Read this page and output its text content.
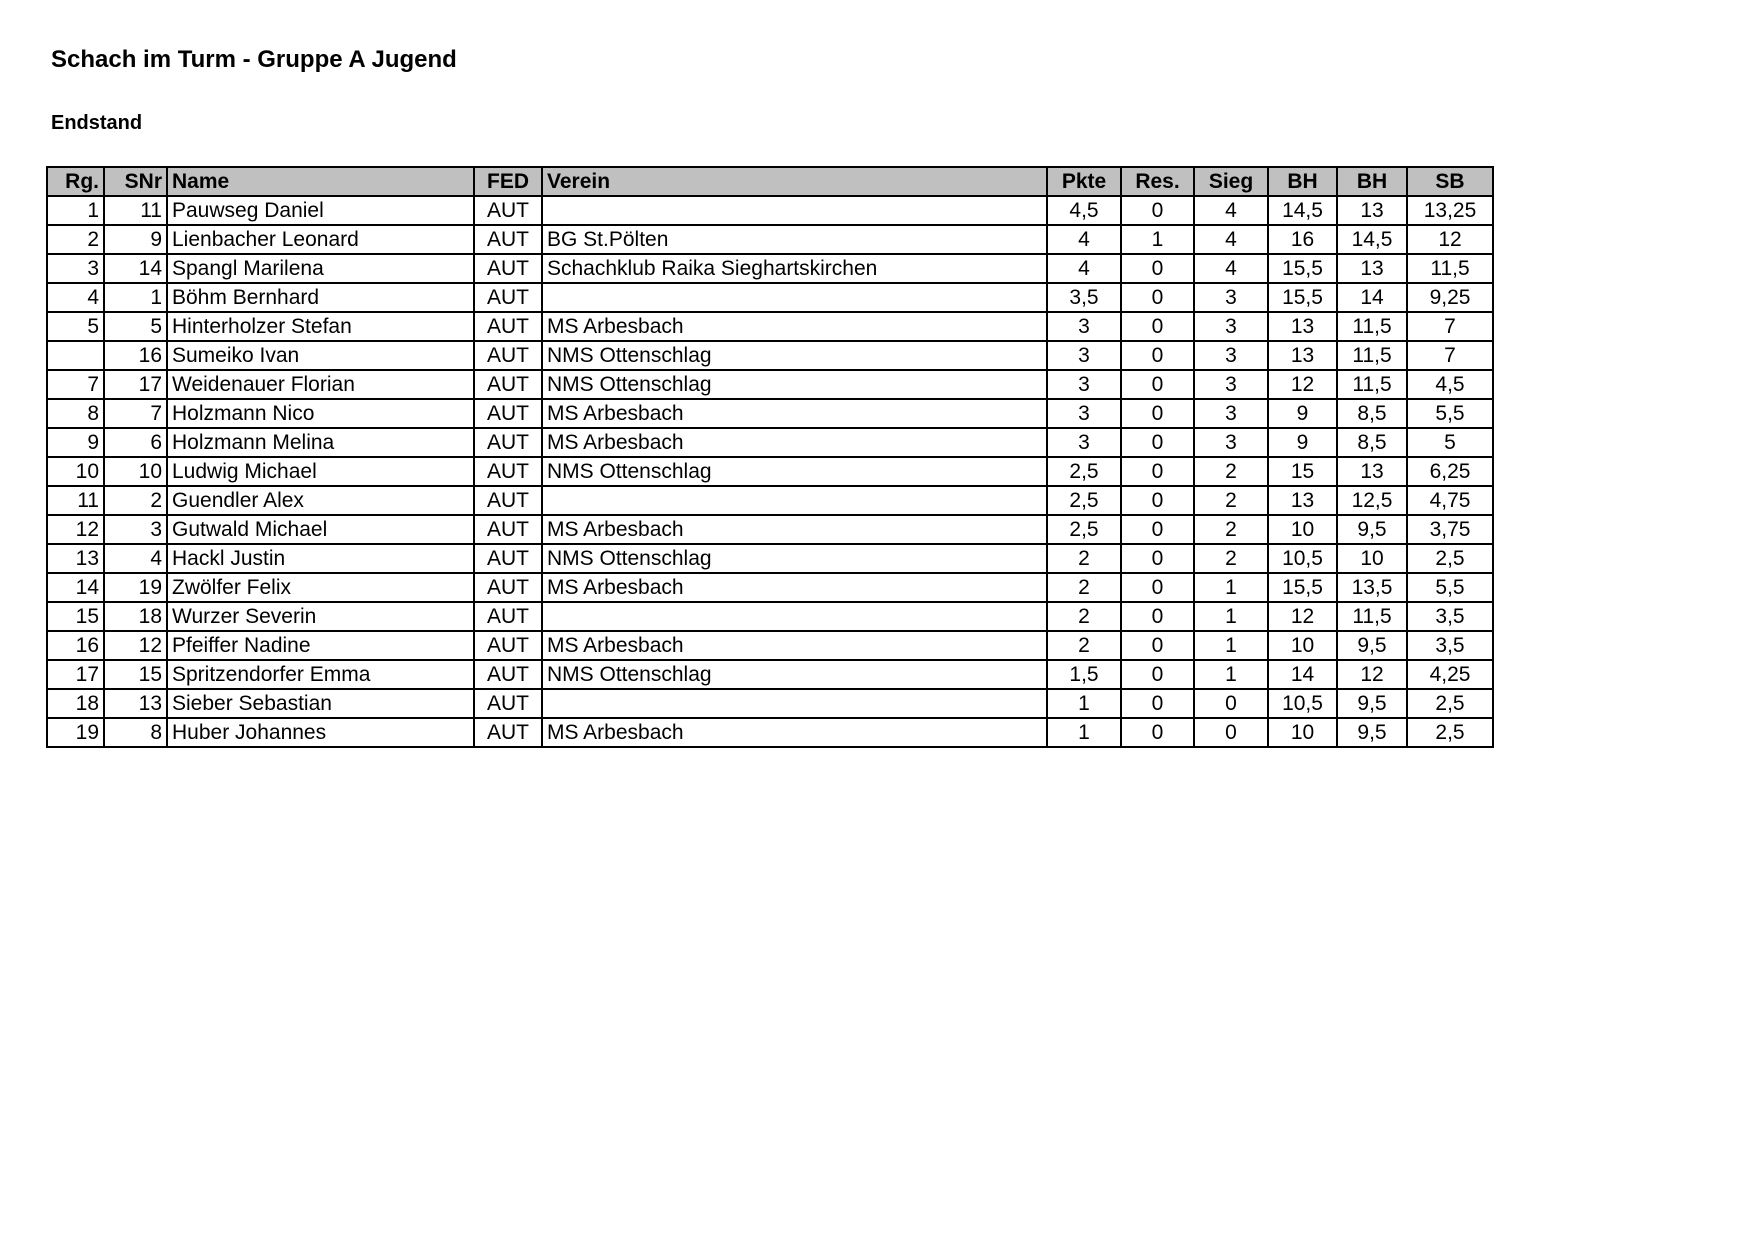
Schach im Turm - Gruppe A Jugend
Endstand
Rg.	SNr	Name	FED	Verein	Pkte	Res.	Sieg	BH	BH	SB
1	11	Pauwseg Daniel	AUT		4,5	0	4	14,5	13	13,25
2	9	Lienbacher Leonard	AUT	BG St.Pölten	4	1	4	16	14,5	12
3	14	Spangl Marilena	AUT	Schachklub Raika Sieghartskirchen	4	0	4	15,5	13	11,5
4	1	Böhm Bernhard	AUT		3,5	0	3	15,5	14	9,25
5	5	Hinterholzer Stefan	AUT	MS Arbesbach	3	0	3	13	11,5	7
	16	Sumeiko Ivan	AUT	NMS Ottenschlag	3	0	3	13	11,5	7
7	17	Weidenauer Florian	AUT	NMS Ottenschlag	3	0	3	12	11,5	4,5
8	7	Holzmann Nico	AUT	MS Arbesbach	3	0	3	9	8,5	5,5
9	6	Holzmann Melina	AUT	MS Arbesbach	3	0	3	9	8,5	5
10	10	Ludwig Michael	AUT	NMS Ottenschlag	2,5	0	2	15	13	6,25
11	2	Guendler Alex	AUT		2,5	0	2	13	12,5	4,75
12	3	Gutwald Michael	AUT	MS Arbesbach	2,5	0	2	10	9,5	3,75
13	4	Hackl Justin	AUT	NMS Ottenschlag	2	0	2	10,5	10	2,5
14	19	Zwölfer Felix	AUT	MS Arbesbach	2	0	1	15,5	13,5	5,5
15	18	Wurzer Severin	AUT		2	0	1	12	11,5	3,5
16	12	Pfeiffer Nadine	AUT	MS Arbesbach	2	0	1	10	9,5	3,5
17	15	Spritzendorfer Emma	AUT	NMS Ottenschlag	1,5	0	1	14	12	4,25
18	13	Sieber Sebastian	AUT		1	0	0	10,5	9,5	2,5
19	8	Huber Johannes	AUT	MS Arbesbach	1	0	0	10	9,5	2,5
